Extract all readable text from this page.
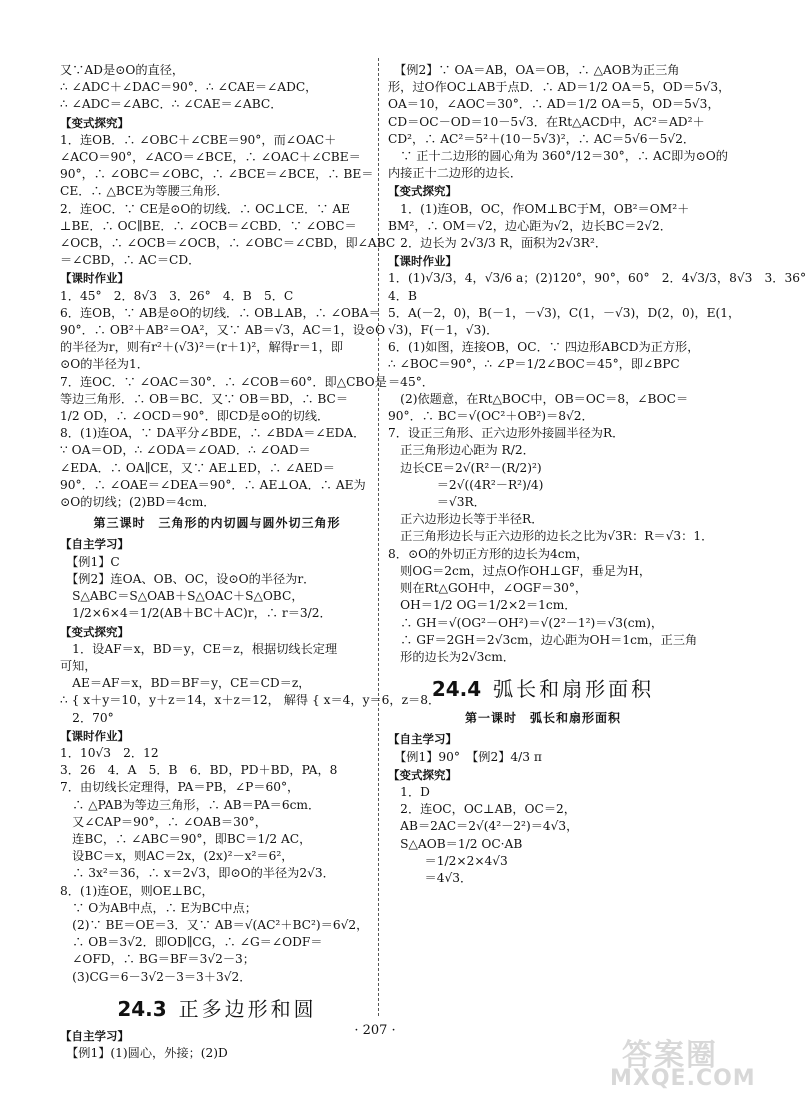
又∵AD是⊙O的直径，
∴ ∠ADC＋∠DAC＝90°．∴ ∠CAE＝∠ADC，
∴ ∠ADC＝∠ABC．∴ ∠CAE＝∠ABC．
【变式探究】
1．连OB．∴ ∠OBC＋∠CBE＝90°，而∠OAC＋
∠ACO＝90°，∠ACO＝∠BCE，∴ ∠OAC＋∠CBE＝
90°，∴ ∠OBC＝∠OBC，∴ ∠BCE＝∠BCE，∴ BE＝
CE．∴ △BCE为等腰三角形．
2．连OC．∵ CE是⊙O的切线．∴ OC⊥CE．∵ AE
⊥BE．∴ OC∥BE．∴ ∠OCB＝∠CBD．∵ ∠OBC＝
∠OCB，∴ ∠OCB＝∠OCB，∴ ∠OBC＝∠CBD，即∠ABC
＝∠CBD，∴ AC＝CD．
【课时作业】
1．45°　2．8√3　3．26°　4．B　5．C
6．连OB，∵ AB是⊙O的切线．∴ OB⊥AB，∴ ∠OBA＝
90°．∴ OB²＋AB²＝OA²，又∵ AB＝√3，AC＝1，设⊙O
的半径为r，则有r²＋(√3)²＝(r＋1)²，解得r＝1，即
⊙O的半径为1．
7．连OC．∵ ∠OAC＝30°．∴ ∠COB＝60°．即△CBO是
等边三角形．∴ OB＝BC．又∵ OB＝BD，∴ BC＝
1/2 OD，∴ ∠OCD＝90°．即CD是⊙O的切线．
8．(1)连OA，∵ DA平分∠BDE，∴ ∠BDA＝∠EDA．
∵ OA＝OD，∴ ∠ODA＝∠OAD．∴ ∠OAD＝
∠EDA．∴ OA∥CE，又∵ AE⊥ED，∴ ∠AED＝
90°．∴ ∠OAE＝∠DEA＝90°．∴ AE⊥OA．∴ AE为
⊙O的切线；(2)BD＝4cm．
第三课时　三角形的内切圆与圆外切三角形
【自主学习】
　【例1】C
　【例2】连OA、OB、OC，设⊙O的半径为r．
　S△ABC＝S△OAB＋S△OAC＋S△OBC，
　1/2×6×4＝1/2(AB＋BC＋AC)r，∴ r＝3/2．
【变式探究】
　1．设AF＝x，BD＝y，CE＝z，根据切线长定理
可知，
　AE＝AF＝x，BD＝BF＝y，CE＝CD＝z，
∴ { x＋y＝10，y＋z＝14，x＋z＝12， 解得 { x＝4，y＝6，z＝8．
　2．70°
【课时作业】
1．10√3　2．12
3．26　4．A　5．B　6．BD，PD＋BD，PA，8
7．由切线长定理得，PA＝PB，∠P＝60°，
　∴ △PAB为等边三角形，∴ AB＝PA＝6cm．
　又∠CAP＝90°，∴ ∠OAB＝30°，
　连BC，∴ ∠ABC＝90°，即BC＝1/2 AC，
　设BC＝x，则AC＝2x，(2x)²－x²＝6²，
　∴ 3x²＝36，∴ x＝2√3，即⊙O的半径为2√3．
8．(1)连OE，则OE⊥BC，
　∵ O为AB中点，∴ E为BC中点；
　(2)∵ BE＝OE＝3．又∵ AB＝√(AC²＋BC²)＝6√2，
　∴ OB＝3√2．即OD∥CG，∴ ∠G＝∠ODF＝
　∠OFD，∴ BG＝BF＝3√2－3；
　(3)CG＝6－3√2－3＝3＋3√2．
24.3 正多边形和圆
【自主学习】
　【例1】(1)圆心，外接；(2)D
　【例2】∵ OA＝AB，OA＝OB，∴ △AOB为正三角
形，过O作OC⊥AB于点D．∴ AD＝1/2 OA＝5，OD＝5√3，
OA＝10，∠AOC＝30°．∴ AD＝1/2 OA＝5，OD＝5√3，
CD＝OC－OD＝10－5√3．在Rt△ACD中，AC²＝AD²＋
CD²，∴ AC²＝5²＋(10－5√3)²，∴ AC＝5√6－5√2．
　∵ 正十二边形的圆心角为 360°/12＝30°，∴ AC即为⊙O的
内接正十二边形的边长．
【变式探究】
　1．(1)连OB，OC，作OM⊥BC于M，OB²＝OM²＋
BM²，∴ OM＝√2，边心距为√2，边长BC＝2√2．
　2．边长为 2√3/3 R，面积为2√3R²．
【课时作业】
1．(1)√3/3，4，√3/6 a；(2)120°，90°，60°　2．4√3/3，8√3　3．36°
4．B
5．A(－2，0)，B(－1，－√3)，C(1，－√3)，D(2，0)，E(1，
√3)，F(－1，√3)．
6．(1)如图，连接OB，OC．∵ 四边形ABCD为正方形，
∴ ∠BOC＝90°，∴ ∠P＝1/2∠BOC＝45°，即∠BPC
＝45°．
　(2)依题意，在Rt△BOC中，OB＝OC＝8，∠BOC＝
90°．∴ BC＝√(OC²＋OB²)＝8√2．
7．设正三角形、正六边形外接圆半径为R．
　正三角形边心距为 R/2．
　边长CE＝2√(R²－(R/2)²)
　　　　＝2√((4R²－R²)/4)
　　　　＝√3R．
　正六边形边长等于半径R．
　正三角形边长与正六边形的边长之比为√3R：R＝√3：1．
8．⊙O的外切正方形的边长为4cm，
　则OG＝2cm，过点O作OH⊥GF，垂足为H，
　则在Rt△GOH中，∠OGF＝30°，
　OH＝1/2 OG＝1/2×2＝1cm．
　∴ GH＝√(OG²－OH²)＝√(2²－1²)＝√3(cm)，
　∴ GF＝2GH＝2√3cm，边心距为OH＝1cm，正三角
　形的边长为2√3cm．
24.4 弧长和扇形面积
第一课时　弧长和扇形面积
【自主学习】
　【例1】90°　【例2】4/3 π
【变式探究】
　1．D
　2．连OC，OC⊥AB，OC＝2，
　AB＝2AC＝2√(4²－2²)＝4√3，
　S△AOB＝1/2 OC·AB
　　　＝1/2×2×4√3
　　　＝4√3．
· 207 ·
答案圈
MXQE.COM
